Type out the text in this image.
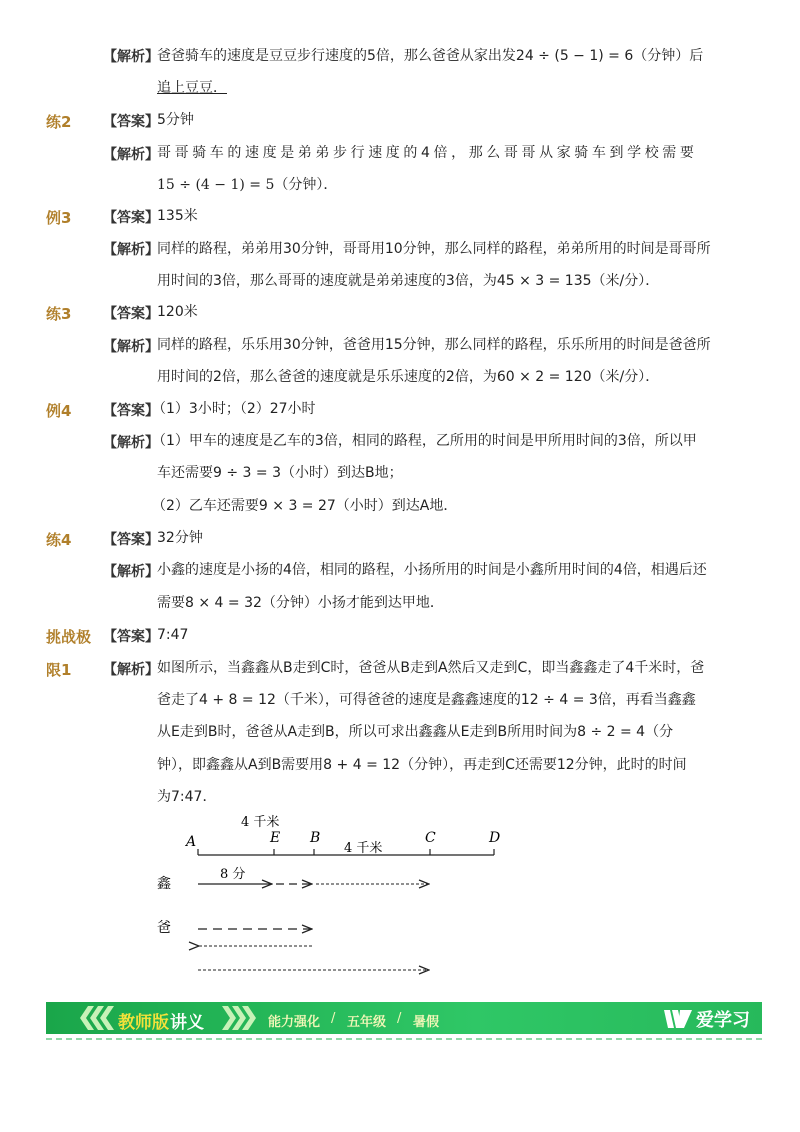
【解析】
爸爸骑车的速度是豆豆步行速度的5倍，那么爸爸从家出发24 ÷ (5 − 1) = 6（分钟）后
追上豆豆．
练2 【答案】
5分钟
【解析】
哥哥骑车的速度是弟弟步行速度的4倍，那么哥哥从家骑车到学校需要
15 ÷ (4 − 1) = 5（分钟）．
例3 【答案】
135米
【解析】
同样的路程，弟弟用30分钟，哥哥用10分钟，那么同样的路程，弟弟所用的时间是哥哥所
用时间的3倍，那么哥哥的速度就是弟弟速度的3倍，为45 × 3 = 135（米/分）．
练3 【答案】
120米
【解析】
同样的路程，乐乐用30分钟，爸爸用15分钟，那么同样的路程，乐乐所用的时间是爸爸所
用时间的2倍，那么爸爸的速度就是乐乐速度的2倍，为60 × 2 = 120（米/分）．
例4 【答案】
（1）3小时；（2）27小时
【解析】
（1）甲车的速度是乙车的3倍，相同的路程，乙所用的时间是甲所用时间的3倍，所以甲
车还需要9 ÷ 3 = 3（小时）到达B地；
（2）乙车还需要9 × 3 = 27（小时）到达A地．
练4 【答案】
32分钟
【解析】
小鑫的速度是小扬的4倍，相同的路程，小扬所用的时间是小鑫所用时间的4倍，相遇后还
需要8 × 4 = 32（分钟）小扬才能到达甲地．
挑战极 【答案】
7:47
限1 【解析】
如图所示，当鑫鑫从B走到C时，爸爸从B走到A然后又走到C，即当鑫鑫走了4千米时，爸
爸走了4 + 8 = 12（千米），可得爸爸的速度是鑫鑫速度的12 ÷ 4 = 3倍，再看当鑫鑫
从E走到B时，爸爸从A走到B，所以可求出鑫鑫从E走到B所用时间为8 ÷ 2 = 4（分
钟），即鑫鑫从A到B需要用8 + 4 = 12（分钟），再走到C还需要12分钟，此时的时间
为7:47．
4 千米
A	E B	C	D
4 千米
鑫
8 分
爸
教师版 讲义	能力强化 / 五年级 / 暑假	爱学习
